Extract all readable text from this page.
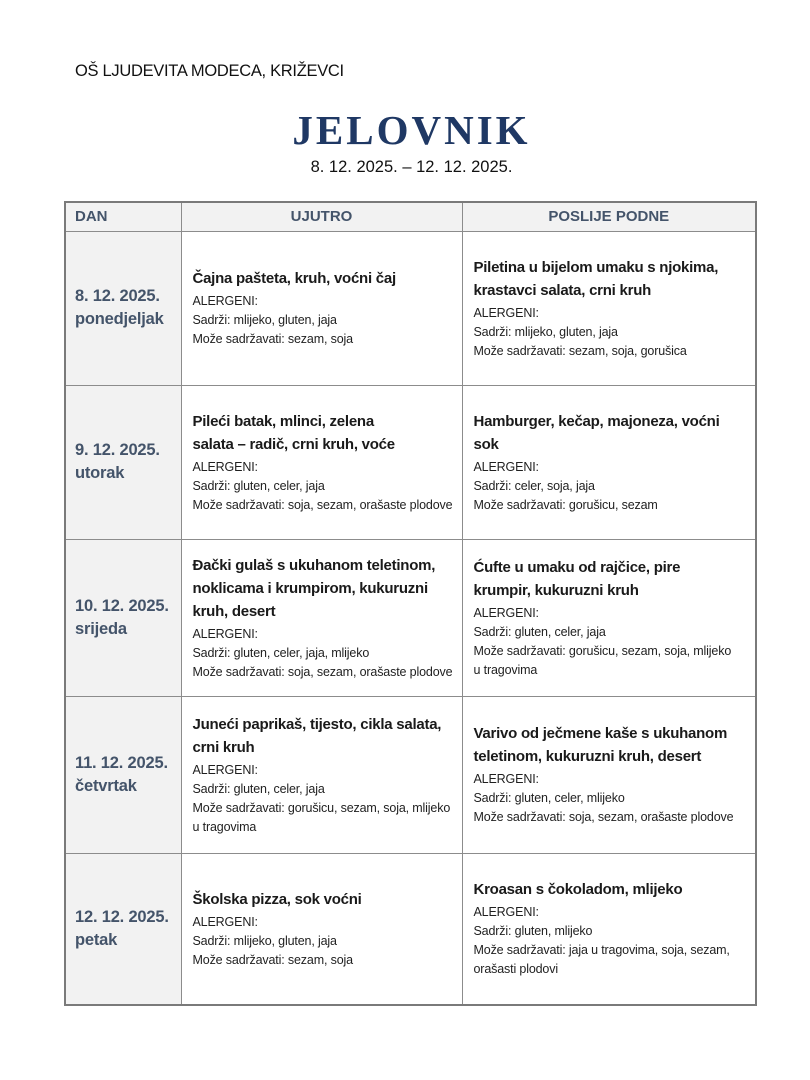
OŠ LJUDEVITA MODECA, KRIŽEVCI
JELOVNIK
8. 12. 2025. – 12. 12. 2025.
DAN	UJUTRO	POSLIJE PODNE

8. 12. 2025.
ponedjeljak

Čajna pašteta, kruh, voćni čaj
ALERGENI:
Sadrži: mlijeko, gluten, jaja
Može sadržavati: sezam, soja

Piletina u bijelom umaku s njokima,
krastavci salata, crni kruh
ALERGENI:
Sadrži: mlijeko, gluten, jaja
Može sadržavati: sezam, soja, gorušica

9. 12. 2025.
utorak

Pileći batak, mlinci, zelena
salata – radič, crni kruh, voće
ALERGENI:
Sadrži: gluten, celer, jaja
Može sadržavati: soja, sezam, orašaste plodove

Hamburger, kečap, majoneza, voćni
sok
ALERGENI:
Sadrži: celer, soja, jaja
Može sadržavati: gorušicu, sezam

10. 12. 2025.
srijeda

Đački gulaš s ukuhanom teletinom,
noklicama i krumpirom, kukuruzni
kruh, desert
ALERGENI:
Sadrži: gluten, celer, jaja, mlijeko
Može sadržavati: soja, sezam, orašaste plodove

Ćufte u umaku od rajčice, pire
krumpir, kukuruzni kruh
ALERGENI:
Sadrži: gluten, celer, jaja
Može sadržavati: gorušicu, sezam, soja, mlijeko
u tragovima

11. 12. 2025.
četvrtak

Juneći paprikaš, tijesto, cikla salata,
crni kruh
ALERGENI:
Sadrži: gluten, celer, jaja
Može sadržavati: gorušicu, sezam, soja, mlijeko
u tragovima

Varivo od ječmene kaše s ukuhanom
teletinom, kukuruzni kruh, desert
ALERGENI:
Sadrži: gluten, celer, mlijeko
Može sadržavati: soja, sezam, orašaste plodove

12. 12. 2025.
petak

Školska pizza, sok voćni
ALERGENI:
Sadrži: mlijeko, gluten, jaja
Može sadržavati: sezam, soja

Kroasan s čokoladom, mlijeko
ALERGENI:
Sadrži: gluten, mlijeko
Može sadržavati: jaja u tragovima, soja, sezam,
orašasti plodovi
